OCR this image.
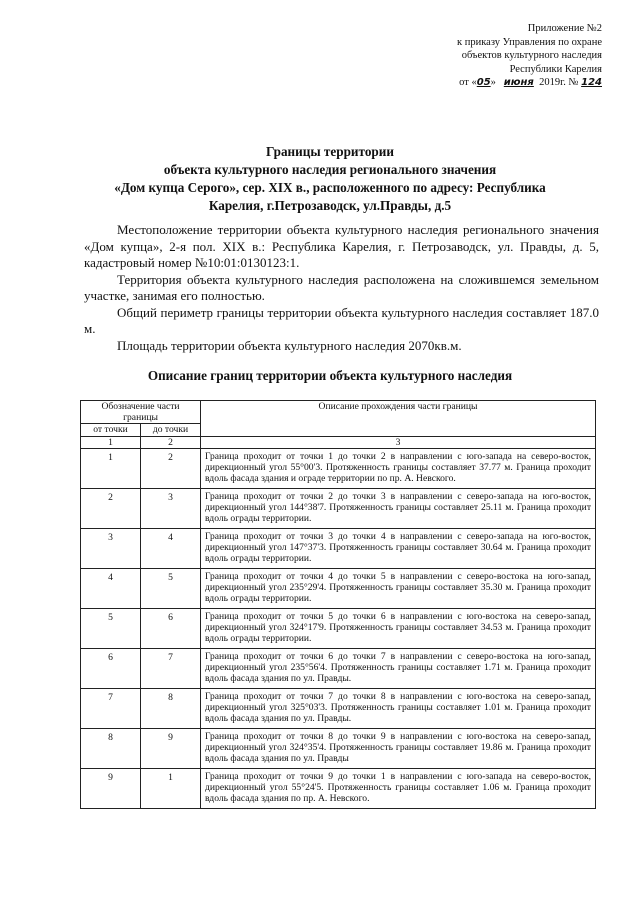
Приложение №2
к приказу Управления по охране
объектов культурного наследия
Республики Карелия
от «05» июня 2019г. № 124
Границы территории
объекта культурного наследия регионального значения
«Дом купца Серого», сер. XIX в., расположенного по адресу: Республика
Карелия, г.Петрозаводск, ул.Правды, д.5

Местоположение территории объекта культурного наследия регионального значения «Дом купца», 2-я пол. XIX в.: Республика Карелия, г. Петрозаводск, ул. Правды, д. 5, кадастровый номер №10:01:0130123:1.

Территория объекта культурного наследия расположена на сложившемся земельном участке, занимая его полностью.

Общий периметр границы территории объекта культурного наследия составляет 187.0 м.

Площадь территории объекта культурного наследия 2070кв.м.

Описание границ территории объекта культурного наследия
Обозначение части границы		Описание прохождения части границы
от точки	до точки	
1	2	3
1	2	Граница проходит от точки 1 до точки 2 в направлении с юго-запада на северо-восток, дирекционный угол 55°00'3. Протяженность границы составляет 37.77 м. Граница проходит вдоль фасада здания и ограде территории по пр. А. Невского.
2	3	Граница проходит от точки 2 до точки 3 в направлении с северо-запада на юго-восток, дирекционный угол 144°38'7. Протяженность границы составляет 25.11 м. Граница проходит вдоль ограды территории.
3	4	Граница проходит от точки 3 до точки 4 в направлении с северо-запада на юго-восток, дирекционный угол 147°37'3. Протяженность границы составляет 30.64 м. Граница проходит вдоль ограды территории.
4	5	Граница проходит от точки 4 до точки 5 в направлении с северо-востока на юго-запад, дирекционный угол 235°29'4. Протяженность границы составляет 35.30 м. Граница проходит вдоль ограды территории.
5	6	Граница проходит от точки 5 до точки 6 в направлении с юго-востока на северо-запад, дирекционный угол 324°17'9. Протяженность границы составляет 34.53 м. Граница проходит вдоль ограды территории.
6	7	Граница проходит от точки 6 до точки 7 в направлении с северо-востока на юго-запад, дирекционный угол 235°56'4. Протяженность границы составляет 1.71 м. Граница проходит вдоль фасада здания по ул. Правды.
7	8	Граница проходит от точки 7 до точки 8 в направлении с юго-востока на северо-запад, дирекционный угол 325°03'3. Протяженность границы составляет 1.01 м. Граница проходит вдоль фасада здания по ул. Правды.
8	9	Граница проходит от точки 8 до точки 9 в направлении с юго-востока на северо-запад, дирекционный угол 324°35'4. Протяженность границы составляет 19.86 м. Граница проходит вдоль фасада здания по ул. Правды
9	1	Граница проходит от точки 9 до точки 1 в направлении с юго-запада на северо-восток, дирекционный угол 55°24'5. Протяженность границы составляет 1.06 м. Граница проходит вдоль фасада здания по пр. А. Невского.
